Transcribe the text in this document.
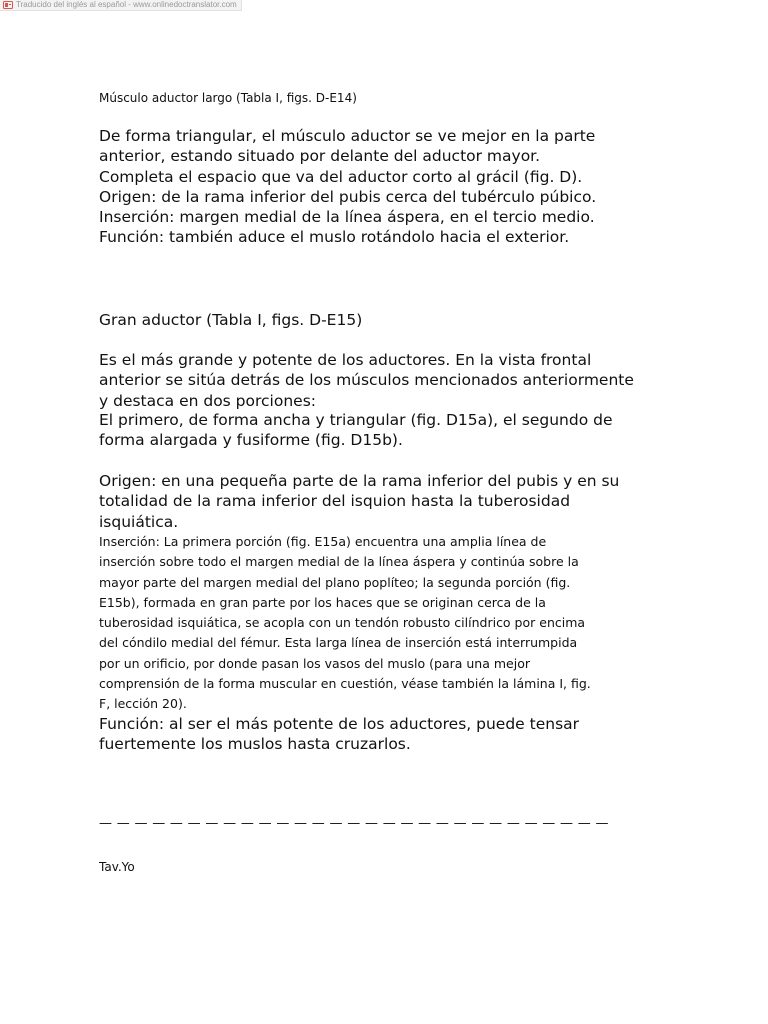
Traducido del inglés al español - www.onlinedoctranslator.com
Músculo aductor largo (Tabla I, figs. D-E14)
De forma triangular, el músculo aductor se ve mejor en la parte
anterior, estando situado por delante del aductor mayor.
Completa el espacio que va del aductor corto al grácil (fig. D).
Origen: de la rama inferior del pubis cerca del tubérculo púbico.
Inserción: margen medial de la línea áspera, en el tercio medio.
Función: también aduce el muslo rotándolo hacia el exterior.
Gran aductor (Tabla I, figs. D-E15)
Es el más grande y potente de los aductores. En la vista frontal
anterior se sitúa detrás de los músculos mencionados anteriormente
y destaca en dos porciones:
El primero, de forma ancha y triangular (fig. D15a), el segundo de
forma alargada y fusiforme (fig. D15b).
Origen: en una pequeña parte de la rama inferior del pubis y en su
totalidad de la rama inferior del isquion hasta la tuberosidad
isquiática.
Inserción: La primera porción (fig. E15a) encuentra una amplia línea de
inserción sobre todo el margen medial de la línea áspera y continúa sobre la
mayor parte del margen medial del plano poplíteo; la segunda porción (fig.
E15b), formada en gran parte por los haces que se originan cerca de la
tuberosidad isquiática, se acopla con un tendón robusto cilíndrico por encima
del cóndilo medial del fémur. Esta larga línea de inserción está interrumpida
por un orificio, por donde pasan los vasos del muslo (para una mejor
comprensión de la forma muscular en cuestión, véase también la lámina I, fig.
F, lección 20).
Función: al ser el más potente de los aductores, puede tensar
fuertemente los muslos hasta cruzarlos.
— — — — — — — — — — — — — — — — — — — — — — — — — — — — —
Tav.Yo
